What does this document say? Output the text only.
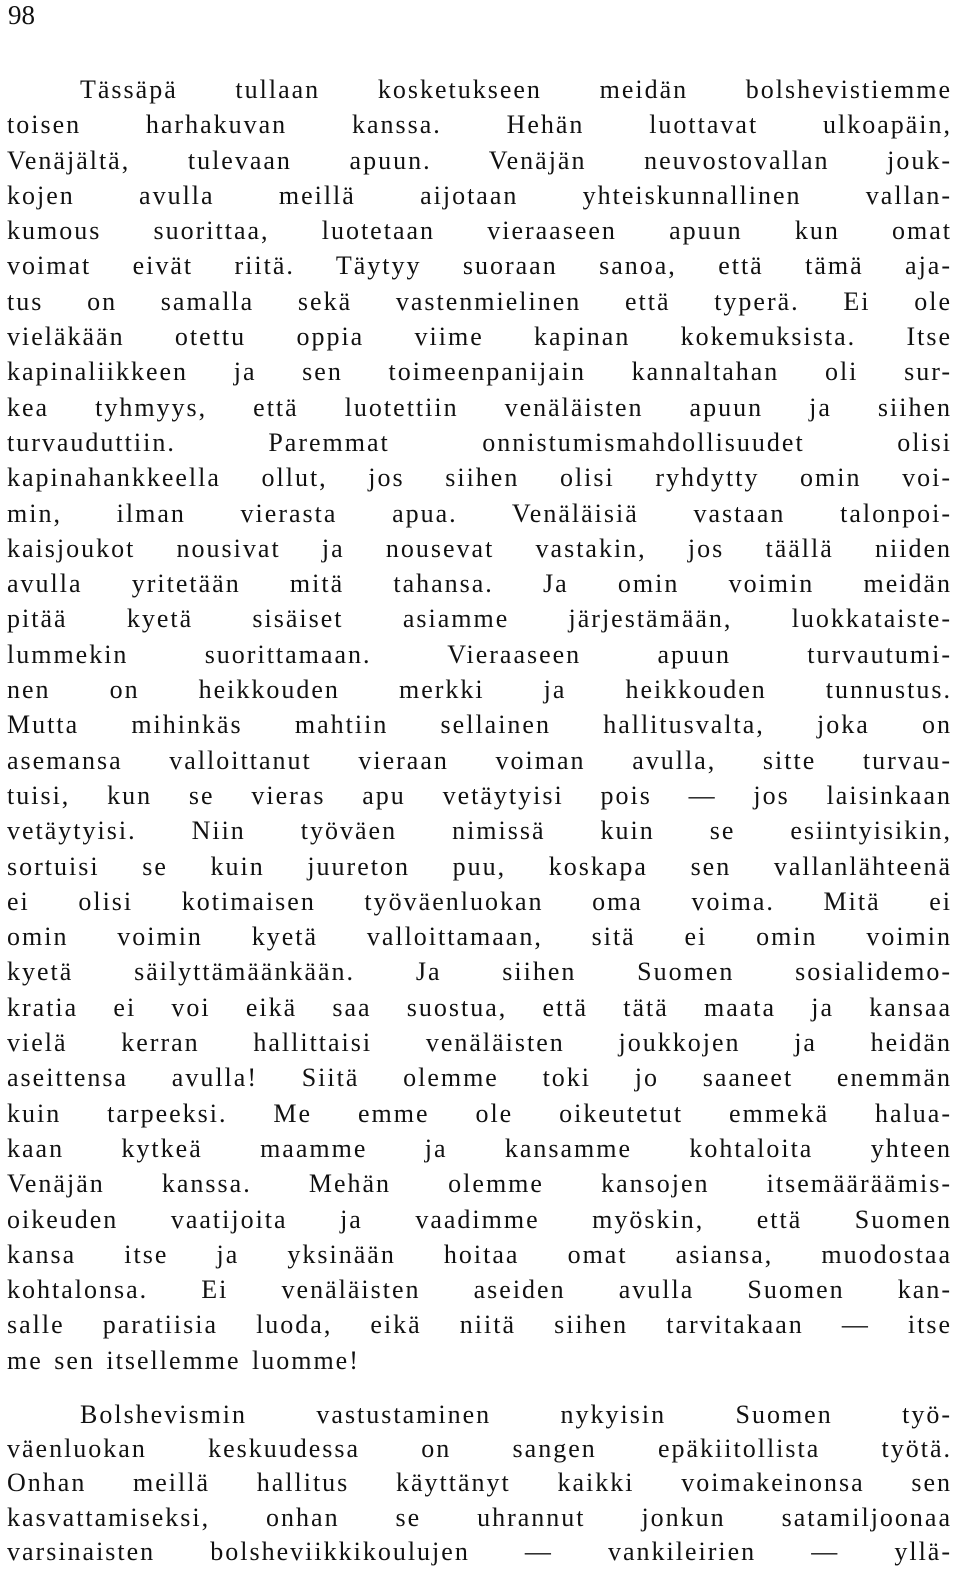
98
Tässäpä tullaan kosketukseen meidän bolshevistiemme
toisen harhakuvan kanssa. Hehän luottavat ulkoapäin,
Venäjältä, tulevaan apuun. Venäjän neuvostovallan jouk-
kojen avulla meillä aijotaan yhteiskunnallinen vallan-
kumous suorittaa, luotetaan vieraaseen apuun kun omat
voimat eivät riitä. Täytyy suoraan sanoa, että tämä aja-
tus on samalla sekä vastenmielinen että typerä. Ei ole
vieläkään otettu oppia viime kapinan kokemuksista. Itse
kapinaliikkeen ja sen toimeenpanijain kannaltahan oli sur-
kea tyhmyys, että luotettiin venäläisten apuun ja siihen
turvauduttiin. Paremmat onnistumismahdollisuudet olisi
kapinahankkeella ollut, jos siihen olisi ryhdytty omin voi-
min, ilman vierasta apua. Venäläisiä vastaan talonpoi-
kaisjoukot nousivat ja nousevat vastakin, jos täällä niiden
avulla yritetään mitä tahansa. Ja omin voimin meidän
pitää kyetä sisäiset asiamme järjestämään, luokkataiste-
lummekin suorittamaan. Vieraaseen apuun turvautumi-
nen on heikkouden merkki ja heikkouden tunnustus.
Mutta mihinkäs mahtiin sellainen hallitusvalta, joka on
asemansa valloittanut vieraan voiman avulla, sitte turvau-
tuisi, kun se vieras apu vetäytyisi pois — jos laisinkaan
vetäytyisi. Niin työväen nimissä kuin se esiintyisikin,
sortuisi se kuin juureton puu, koskapa sen vallanlähteenä
ei olisi kotimaisen työväenluokan oma voima. Mitä ei
omin voimin kyetä valloittamaan, sitä ei omin voimin
kyetä säilyttämäänkään. Ja siihen Suomen sosialidemo-
kratia ei voi eikä saa suostua, että tätä maata ja kansaa
vielä kerran hallittaisi venäläisten joukkojen ja heidän
aseittensa avulla! Siitä olemme toki jo saaneet enemmän
kuin tarpeeksi. Me emme ole oikeutetut emmekä halua-
kaan kytkeä maamme ja kansamme kohtaloita yhteen
Venäjän kanssa. Mehän olemme kansojen itsemääräämis-
oikeuden vaatijoita ja vaadimme myöskin, että Suomen
kansa itse ja yksinään hoitaa omat asiansa, muodostaa
kohtalonsa. Ei venäläisten aseiden avulla Suomen kan-
salle paratiisia luoda, eikä niitä siihen tarvitakaan — itse
me sen itsellemme luomme!
Bolshevismin vastustaminen nykyisin Suomen työ-
väenluokan keskuudessa on sangen epäkiitollista työtä.
Onhan meillä hallitus käyttänyt kaikki voimakeinonsa sen
kasvattamiseksi, onhan se uhrannut jonkun satamiljoonaa
varsinaisten bolsheviikkikoulujen — vankileirien — yllä-
